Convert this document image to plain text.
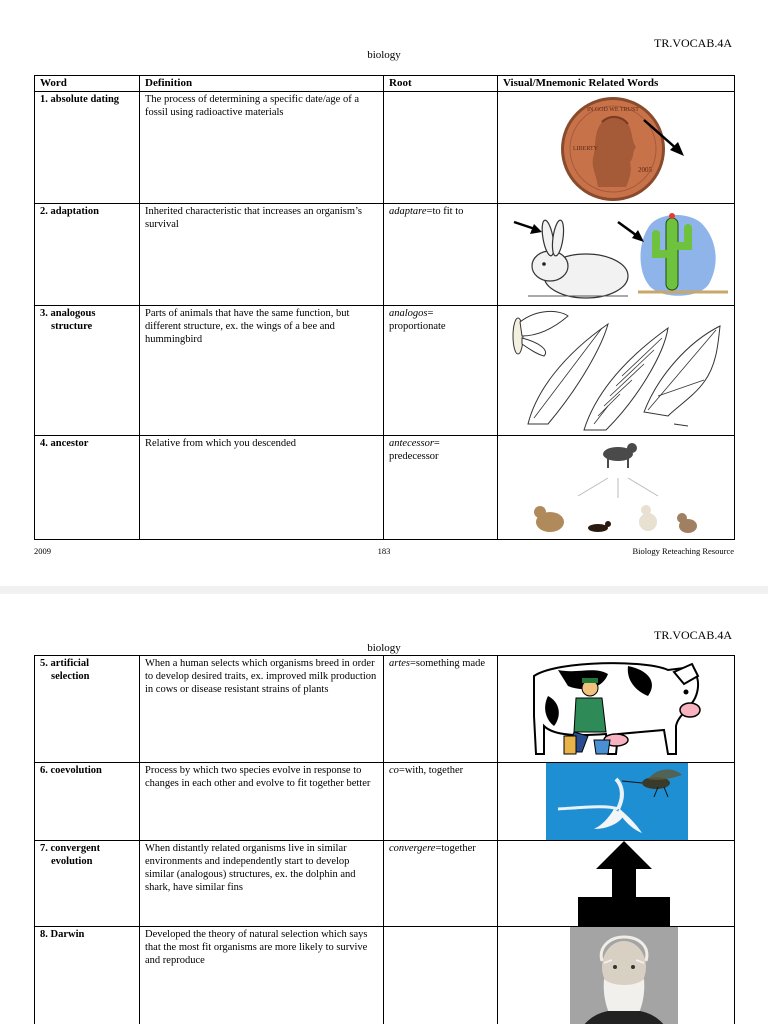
TR.VOCAB.4A
biology
Word	Definition	Root	Visual/Mnemonic Related Words
1. absolute dating	The process of determining a specific date/age of a fossil using radioactive materials		IN GOD WE TRUST
LIBERTY
2005

2. adaptation	Inherited characteristic that increases an organism’s survival	adaptare=to fit to	

3. analogous
structure	Parts of animals that have the same function, but different structure, ex. the wings of a bee and hummingbird	analogos= proportionate	

4. ancestor	Relative from which you descended	antecessor= predecessor	
2009	183	Biology Reteaching Resource
TR.VOCAB.4A
biology
5. artificial
selection	When a human selects which organisms breed in order to develop desired traits, ex. improved milk production in cows or disease resistant strains of plants	artes=something made	

6. coevolution	Process by which two species evolve in response to changes in each other and evolve to fit together better	co=with, together	

7. convergent
evolution	When distantly related organisms live in similar environments and independently start to develop similar (analogous) structures, ex. the dolphin and shark, have similar fins	convergere=together	

8. Darwin	Developed the theory of natural selection which says that the most fit organisms are more likely to survive and reproduce		
